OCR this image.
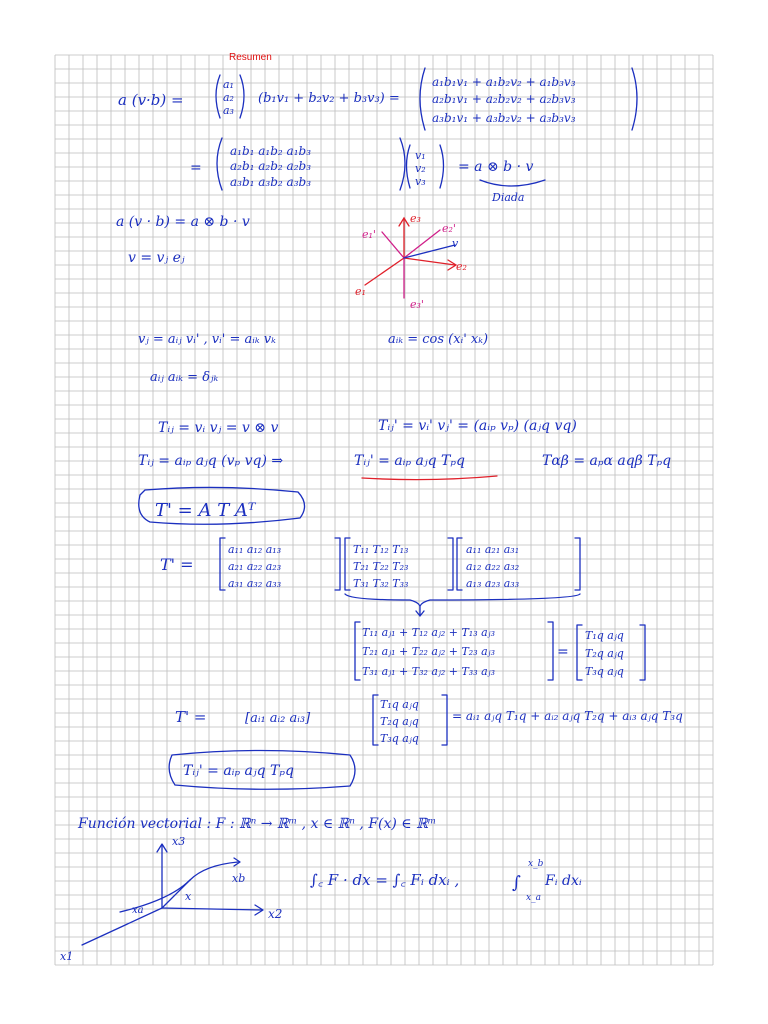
Resumen
a (v·b) =
a₁
a₂
a₃
(b₁v₁ + b₂v₂ + b₃v₃) =
a₁b₁v₁ + a₁b₂v₂ + a₁b₃v₃
a₂b₁v₁ + a₂b₂v₂ + a₂b₃v₃
a₃b₁v₁ + a₃b₂v₂ + a₃b₃v₃
=
a₁b₁ a₁b₂ a₁b₃
a₂b₁ a₂b₂ a₂b₃
a₃b₁ a₃b₂ a₃b₃
v₁
v₂
v₃
= a ⊗ b · v
Diada
a (v · b) = a ⊗ b · v
v = vⱼ eⱼ
e₃
e₁'	e₂'
e₂
e₁
e₃'
v
vⱼ = aᵢⱼ vᵢ' , vᵢ' = aᵢₖ vₖ	aᵢₖ = cos (xᵢ' xₖ)
aᵢⱼ aᵢₖ = δⱼₖ
Tᵢⱼ = vᵢ vⱼ = v ⊗ v	Tᵢⱼ' = vᵢ' vⱼ' = (aᵢₚ vₚ) (aⱼq vq)
Tᵢⱼ = aᵢₚ aⱼq (vₚ vq) ⇒	Tᵢⱼ' = aᵢₚ aⱼq Tₚq	Tαβ = aₚα aqβ Tₚq
T' = A T Aᵀ
T' =
a₁₁ a₁₂ a₁₃
a₂₁ a₂₂ a₂₃
a₃₁ a₃₂ a₃₃
T₁₁ T₁₂ T₁₃
T₂₁ T₂₂ T₂₃
T₃₁ T₃₂ T₃₃
a₁₁ a₂₁ a₃₁
a₁₂ a₂₂ a₃₂
a₁₃ a₂₃ a₃₃
T₁₁ aⱼ₁ + T₁₂ aⱼ₂ + T₁₃ aⱼ₃
T₂₁ aⱼ₁ + T₂₂ aⱼ₂ + T₂₃ aⱼ₃
T₃₁ aⱼ₁ + T₃₂ aⱼ₂ + T₃₃ aⱼ₃
=
T₁q aⱼq
T₂q aⱼq
T₃q aⱼq
T' =	[aᵢ₁ aᵢ₂ aᵢ₃]
T₁q aⱼq
T₂q aⱼq
T₃q aⱼq
= aᵢ₁ aⱼq T₁q + aᵢ₂ aⱼq T₂q + aᵢ₃ aⱼq T₃q
Tᵢⱼ' = aᵢₚ aⱼq Tₚq
Función vectorial : F : ℝⁿ → ℝᵐ , x ∈ ℝⁿ , F(x) ∈ ℝᵐ
x3
x2
x1
xb
x
xa
∫꜀ F · dx = ∫꜀ Fᵢ dxᵢ ,	∫
x_b
x_a
Fᵢ dxᵢ
